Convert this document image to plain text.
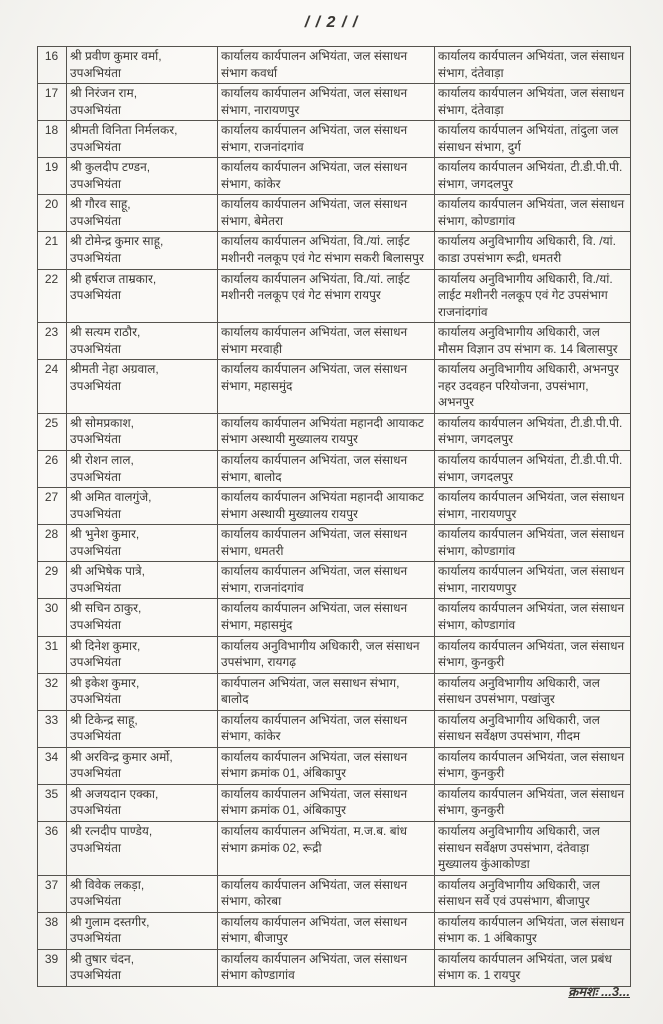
/ / 2 / /
16	श्री प्रवीण कुमार वर्मा,
उपअभियंता	कार्यालय कार्यपालन अभियंता, जल संसाधन संभाग कवर्धा	कार्यालय कार्यपालन अभियंता, जल संसाधन संभाग, दंतेवाड़ा
17	श्री निरंजन राम,
उपअभियंता	कार्यालय कार्यपालन अभियंता, जल संसाधन संभाग, नारायणपुर	कार्यालय कार्यपालन अभियंता, जल संसाधन संभाग, दंतेवाड़ा
18	श्रीमती विनिता निर्मलकर,
उपअभियंता	कार्यालय कार्यपालन अभियंता, जल संसाधन संभाग, राजनांदगांव	कार्यालय कार्यपालन अभियंता, तांदुला जल संसाधन संभाग, दुर्ग
19	श्री कुलदीप टण्डन,
उपअभियंता	कार्यालय कार्यपालन अभियंता, जल संसाधन संभाग, कांकेर	कार्यालय कार्यपालन अभियंता, टी.डी.पी.पी. संभाग, जगदलपुर
20	श्री गौरव साहू,
उपअभियंता	कार्यालय कार्यपालन अभियंता, जल संसाधन संभाग, बेमेतरा	कार्यालय कार्यपालन अभियंता, जल संसाधन संभाग, कोण्डागांव
21	श्री टोमेन्द्र कुमार साहू,
उपअभियंता	कार्यालय कार्यपालन अभियंता, वि./यां. लाईट मशीनरी नलकूप एवं गेट संभाग सकरी बिलासपुर	कार्यालय अनुविभागीय अधिकारी, वि. /यां. काडा उपसंभाग रूद्री, धमतरी
22	श्री हर्षराज ताम्रकार,
उपअभियंता	कार्यालय कार्यपालन अभियंता, वि./यां. लाईट मशीनरी नलकूप एवं गेट संभाग रायपुर	कार्यालय अनुविभागीय अधिकारी, वि./यां. लाईट मशीनरी नलकूप एवं गेट उपसंभाग राजनांदगांव
23	श्री सत्यम राठौर,
उपअभियंता	कार्यालय कार्यपालन अभियंता, जल संसाधन संभाग मरवाही	कार्यालय अनुविभागीय अधिकारी, जल मौसम विज्ञान उप संभाग क. 14 बिलासपुर
24	श्रीमती नेहा अग्रवाल,
उपअभियंता	कार्यालय कार्यपालन अभियंता, जल संसाधन संभाग, महासमुंद	कार्यालय अनुविभागीय अधिकारी, अभनपुर नहर उदवहन परियोजना, उपसंभाग, अभनपुर
25	श्री सोमप्रकाश,
उपअभियंता	कार्यालय कार्यपालन अभियंता महानदी आयाकट संभाग अस्थायी मुख्यालय रायपुर	कार्यालय कार्यपालन अभियंता, टी.डी.पी.पी. संभाग, जगदलपुर
26	श्री रोशन लाल,
उपअभियंता	कार्यालय कार्यपालन अभियंता, जल संसाधन संभाग, बालोद	कार्यालय कार्यपालन अभियंता, टी.डी.पी.पी. संभाग, जगदलपुर
27	श्री अमित वालगुंजे,
उपअभियंता	कार्यालय कार्यपालन अभियंता महानदी आयाकट संभाग अस्थायी मुख्यालय रायपुर	कार्यालय कार्यपालन अभियंता, जल संसाधन संभाग, नारायणपुर
28	श्री भुनेश कुमार,
उपअभियंता	कार्यालय कार्यपालन अभियंता, जल संसाधन संभाग, धमतरी	कार्यालय कार्यपालन अभियंता, जल संसाधन संभाग, कोण्डागांव
29	श्री अभिषेक पात्रे,
उपअभियंता	कार्यालय कार्यपालन अभियंता, जल संसाधन संभाग, राजनांदगांव	कार्यालय कार्यपालन अभियंता, जल संसाधन संभाग, नारायणपुर
30	श्री सचिन ठाकुर,
उपअभियंता	कार्यालय कार्यपालन अभियंता, जल संसाधन संभाग, महासमुंद	कार्यालय कार्यपालन अभियंता, जल संसाधन संभाग, कोण्डागांव
31	श्री दिनेश कुमार,
उपअभियंता	कार्यालय अनुविभागीय अधिकारी, जल संसाधन उपसंभाग, रायगढ़	कार्यालय कार्यपालन अभियंता, जल संसाधन संभाग, कुनकुरी
32	श्री इकेश कुमार,
उपअभियंता	कार्यपालन अभियंता, जल ससाधन संभाग, बालोद	कार्यालय अनुविभागीय अधिकारी, जल संसाधन उपसंभाग, पखांजुर
33	श्री टिकेन्द्र साहू,
उपअभियंता	कार्यालय कार्यपालन अभियंता, जल संसाधन संभाग, कांकेर	कार्यालय अनुविभागीय अधिकारी, जल संसाधन सर्वेक्षण उपसंभाग, गीदम
34	श्री अरविन्द्र कुमार अर्मो,
उपअभियंता	कार्यालय कार्यपालन अभियंता, जल संसाधन संभाग क्रमांक 01, अंबिकापुर	कार्यालय कार्यपालन अभियंता, जल संसाधन संभाग, कुनकुरी
35	श्री अजयदान एक्का,
उपअभियंता	कार्यालय कार्यपालन अभियंता, जल संसाधन संभाग क्रमांक 01, अंबिकापुर	कार्यालय कार्यपालन अभियंता, जल संसाधन संभाग, कुनकुरी
36	श्री रत्नदीप पाण्डेय,
उपअभियंता	कार्यालय कार्यपालन अभियंता, म.ज.ब. बांध संभाग क्रमांक 02, रूद्री	कार्यालय अनुविभागीय अधिकारी, जल संसाधन सर्वेक्षण उपसंभाग, दंतेवाड़ा मुख्यालय कुंआकोण्डा
37	श्री विवेक लकड़ा,
उपअभियंता	कार्यालय कार्यपालन अभियंता, जल संसाधन संभाग, कोरबा	कार्यालय अनुविभागीय अधिकारी, जल संसाधन सर्वे एवं उपसंभाग, बीजापुर
38	श्री गुलाम दस्तगीर,
उपअभियंता	कार्यालय कार्यपालन अभियंता, जल संसाधन संभाग, बीजापुर	कार्यालय कार्यपालन अभियंता, जल संसाधन संभाग क. 1 अंबिकापुर
39	श्री तुषार चंदन,
उपअभियंता	कार्यालय कार्यपालन अभियंता, जल संसाधन संभाग कोण्डागांव	कार्यालय कार्यपालन अभियंता, जल प्रबंध संभाग क. 1 रायपुर
क्रमशः ...3...
